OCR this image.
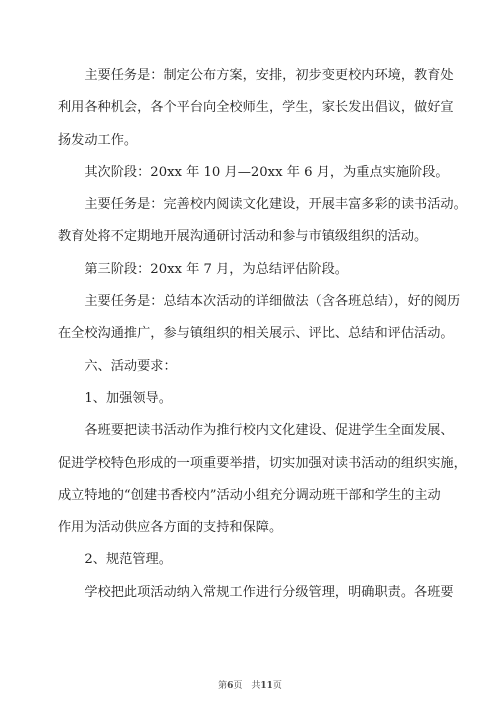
　　主要任务是：制定公布方案，安排，初步变更校内环境，教育处
利用各种机会，各个平台向全校师生，学生，家长发出倡议，做好宣
扬发动工作。

　　其次阶段：20xx 年 10 月—20xx 年 6 月，为重点实施阶段。

　　主要任务是：完善校内阅读文化建设，开展丰富多彩的读书活动。
教育处将不定期地开展沟通研讨活动和参与市镇级组织的活动。

　　第三阶段：20xx 年 7 月，为总结评估阶段。

　　主要任务是：总结本次活动的详细做法（含各班总结），好的阅历
在全校沟通推广，参与镇组织的相关展示、评比、总结和评估活动。

　　六、活动要求：

　　1、加强领导。

　　各班要把读书活动作为推行校内文化建设、促进学生全面发展、
促进学校特色形成的一项重要举措，切实加强对读书活动的组织实施，
成立特地的“创建书香校内”活动小组充分调动班干部和学生的主动
作用为活动供应各方面的支持和保障。

　　2、规范管理。

　　学校把此项活动纳入常规工作进行分级管理，明确职责。各班要

第6页　共11页
